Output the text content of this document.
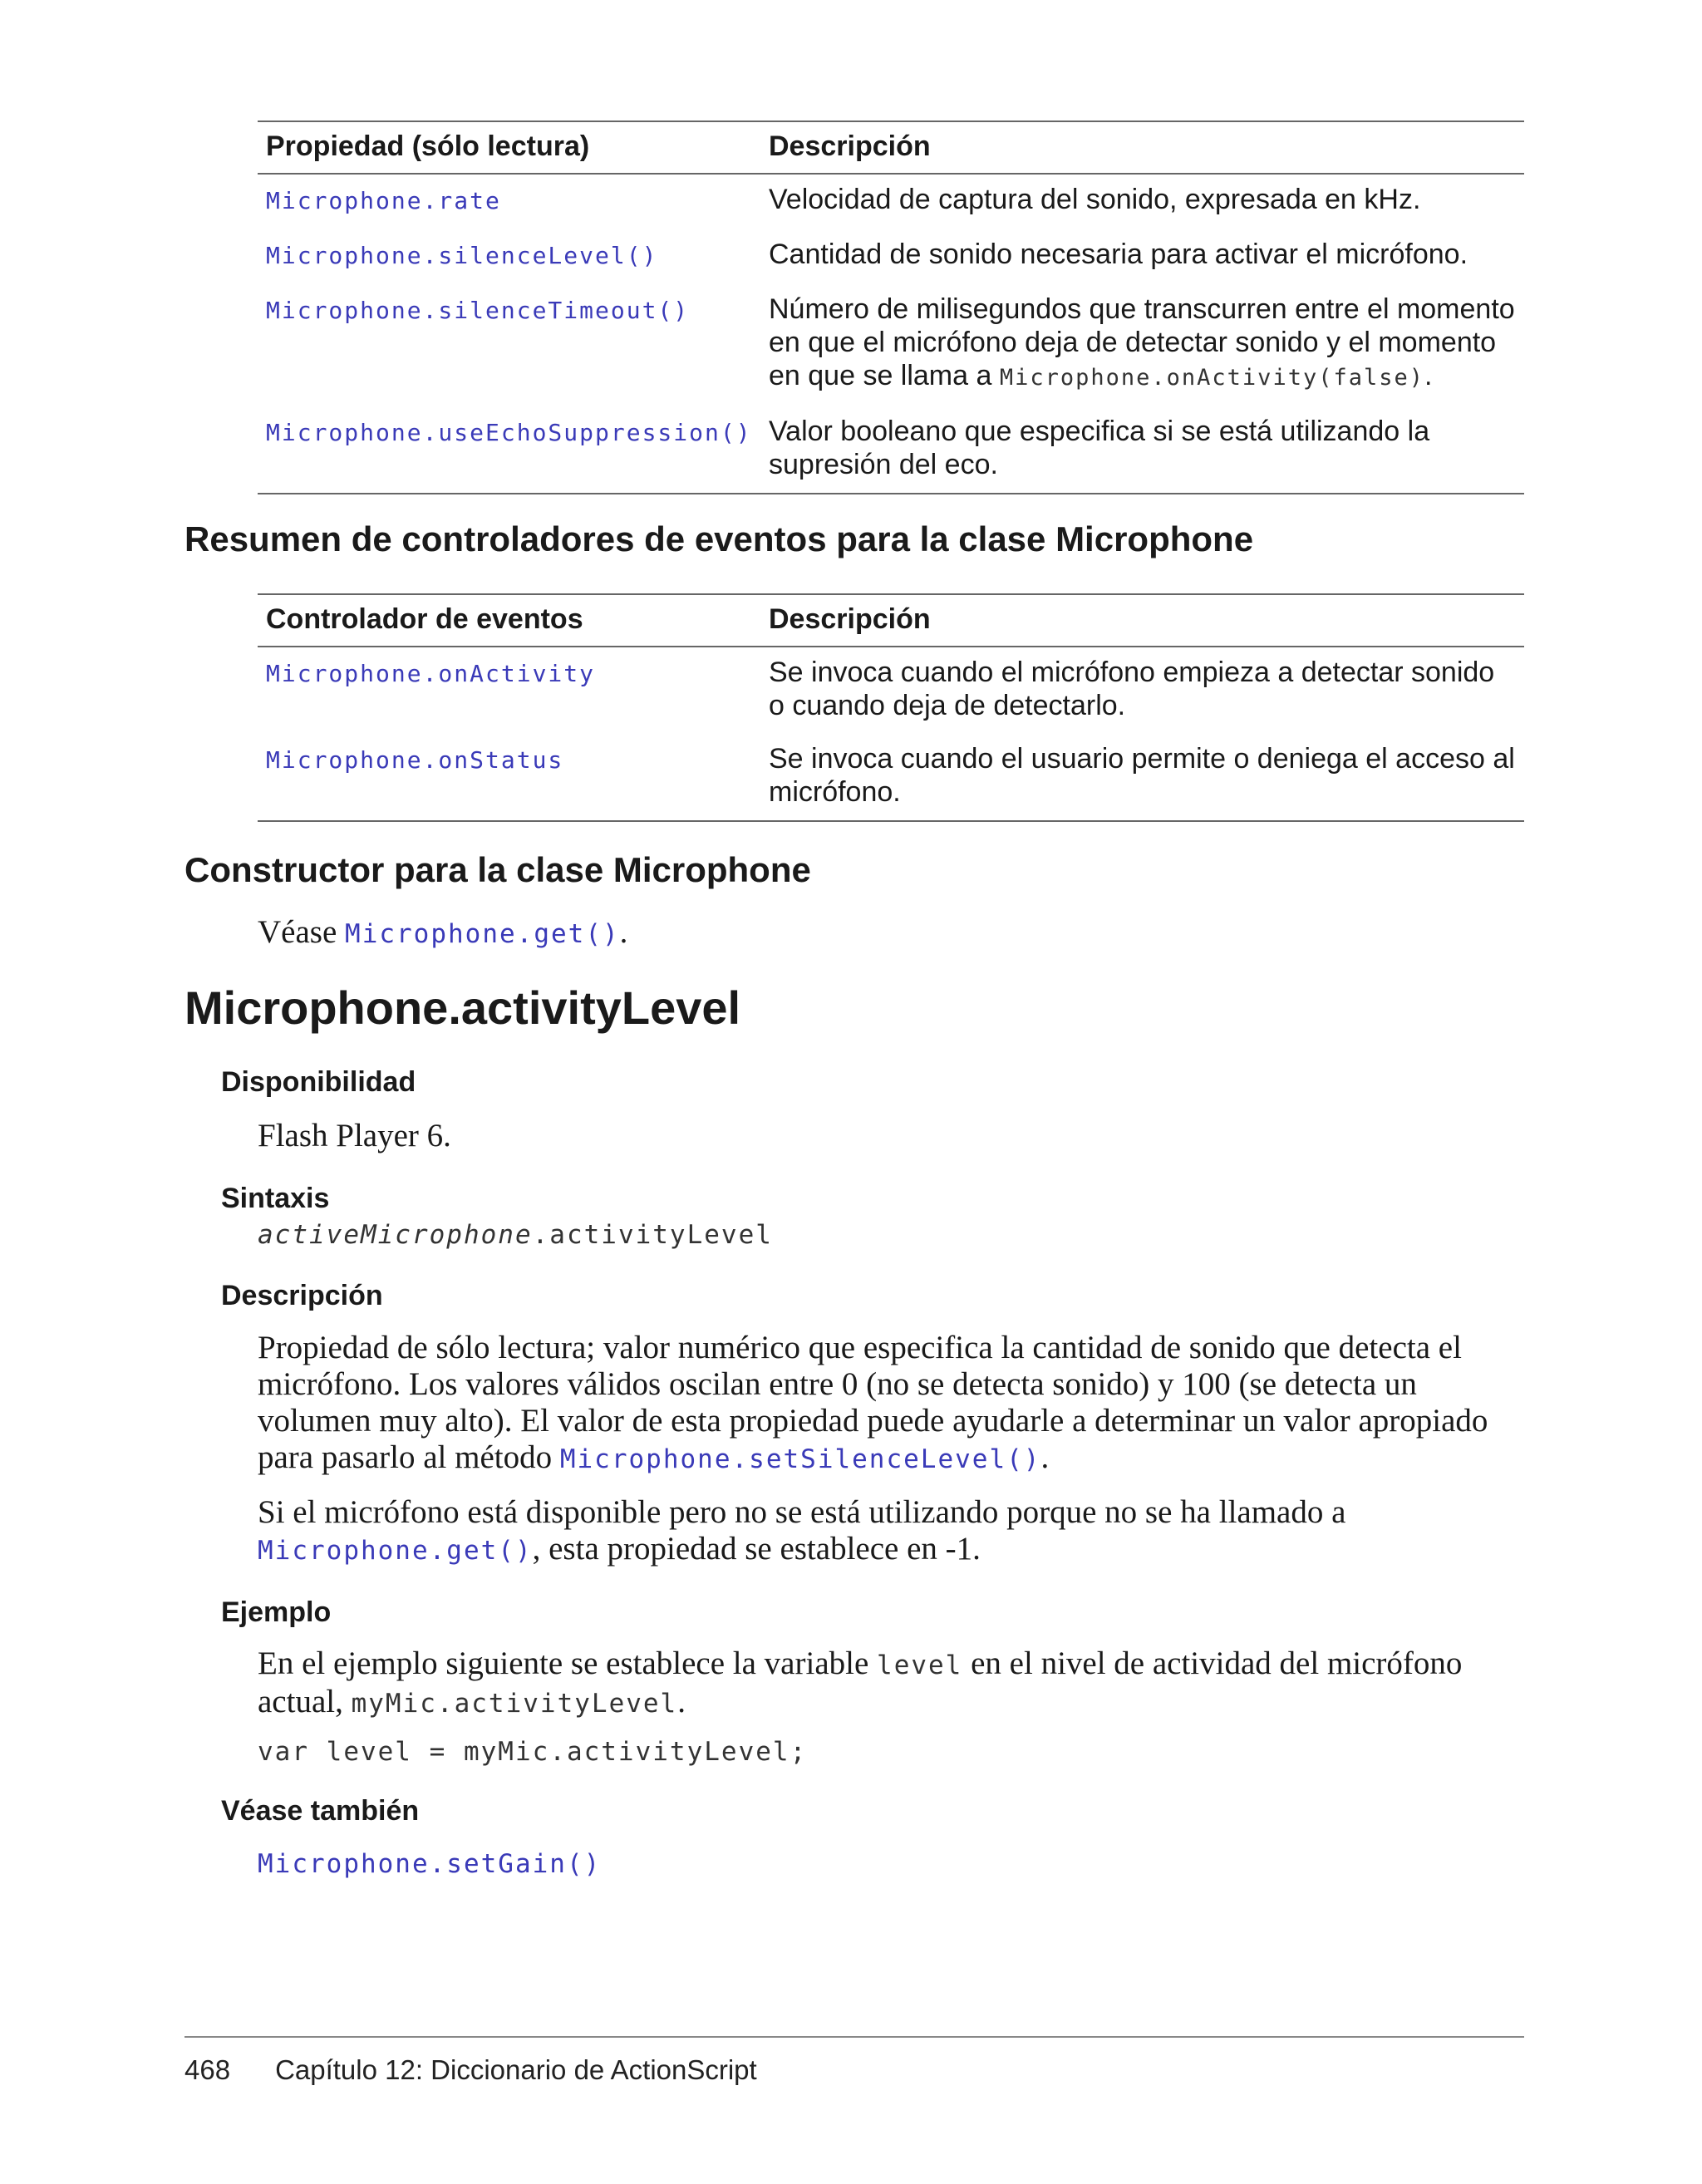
Propiedad (sólo lectura)	Descripción
Microphone.rate	Velocidad de captura del sonido, expresada en kHz.
Microphone.silenceLevel()	Cantidad de sonido necesaria para activar el micrófono.
Microphone.silenceTimeout()	Número de milisegundos que transcurren entre el momento en que el micrófono deja de detectar sonido y el momento en que se llama a Microphone.onActivity(false).
Microphone.useEchoSuppression()	Valor booleano que especifica si se está utilizando la supresión del eco.
Resumen de controladores de eventos para la clase Microphone
Controlador de eventos	Descripción
Microphone.onActivity	Se invoca cuando el micrófono empieza a detectar sonido o cuando deja de detectarlo.
Microphone.onStatus	Se invoca cuando el usuario permite o deniega el acceso al micrófono.
Constructor para la clase Microphone

Véase Microphone.get().

Microphone.activityLevel
Disponibilidad

Flash Player 6.

Sintaxis

activeMicrophone.activityLevel

Descripción

Propiedad de sólo lectura; valor numérico que especifica la cantidad de sonido que detecta el micrófono. Los valores válidos oscilan entre 0 (no se detecta sonido) y 100 (se detecta un volumen muy alto). El valor de esta propiedad puede ayudarle a determinar un valor apropiado para pasarlo al método Microphone.setSilenceLevel().

Si el micrófono está disponible pero no se está utilizando porque no se ha llamado a Microphone.get(), esta propiedad se establece en -1.

Ejemplo

En el ejemplo siguiente se establece la variable level en el nivel de actividad del micrófono actual, myMic.activityLevel.

var level = myMic.activityLevel;

Véase también

Microphone.setGain()

468 Capítulo 12: Diccionario de ActionScript
